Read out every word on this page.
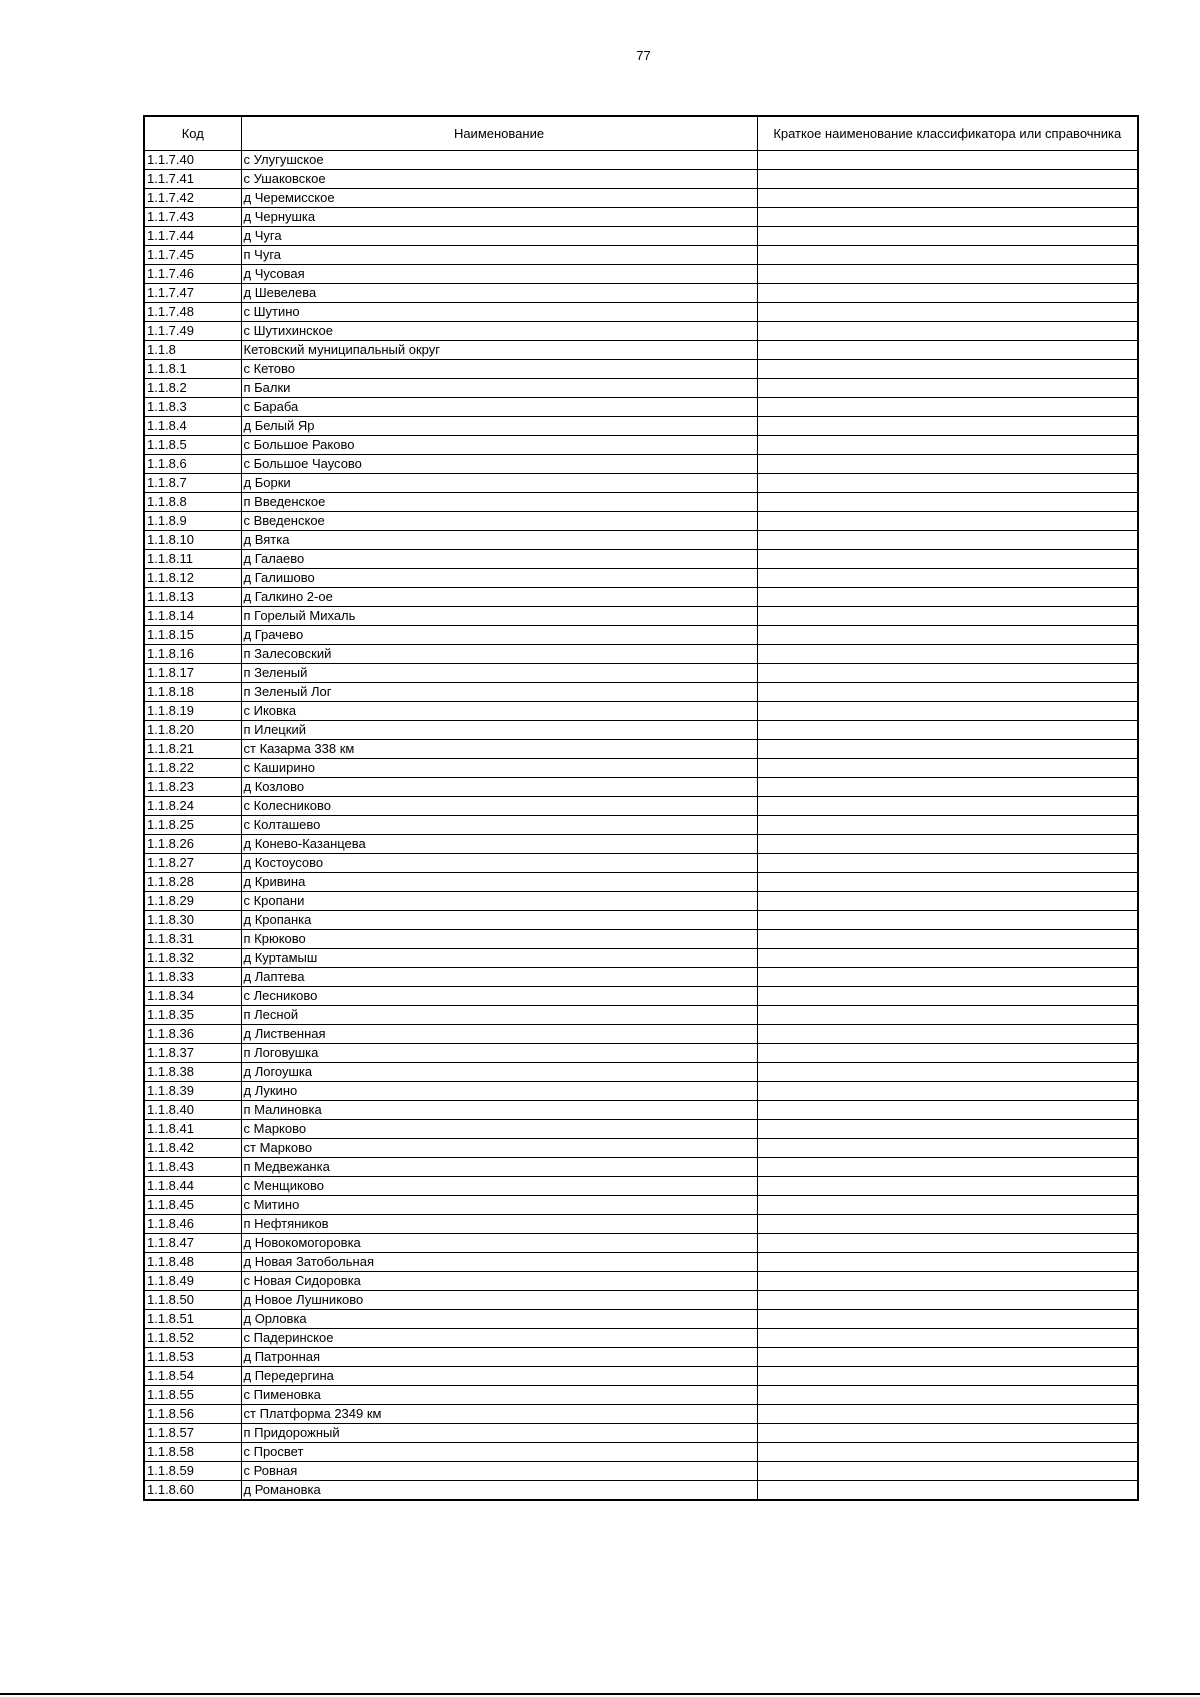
77
Код	Наименование	Краткое наименование классификатора или справочника
1.1.7.40	с Улугушское	
1.1.7.41	с Ушаковское	
1.1.7.42	д Черемисское	
1.1.7.43	д Чернушка	
1.1.7.44	д Чуга	
1.1.7.45	п Чуга	
1.1.7.46	д Чусовая	
1.1.7.47	д Шевелева	
1.1.7.48	с Шутино	
1.1.7.49	с Шутихинское	
1.1.8	Кетовский муниципальный округ	
1.1.8.1	с Кетово	
1.1.8.2	п Балки	
1.1.8.3	с Бараба	
1.1.8.4	д Белый Яр	
1.1.8.5	с Большое Раково	
1.1.8.6	с Большое Чаусово	
1.1.8.7	д Борки	
1.1.8.8	п Введенское	
1.1.8.9	с Введенское	
1.1.8.10	д Вятка	
1.1.8.11	д Галаево	
1.1.8.12	д Галишово	
1.1.8.13	д Галкино 2-ое	
1.1.8.14	п Горелый Михаль	
1.1.8.15	д Грачево	
1.1.8.16	п Залесовский	
1.1.8.17	п Зеленый	
1.1.8.18	п Зеленый Лог	
1.1.8.19	с Иковка	
1.1.8.20	п Илецкий	
1.1.8.21	ст Казарма 338 км	
1.1.8.22	с Каширино	
1.1.8.23	д Козлово	
1.1.8.24	с Колесниково	
1.1.8.25	с Колташево	
1.1.8.26	д Конево-Казанцева	
1.1.8.27	д Костоусово	
1.1.8.28	д Кривина	
1.1.8.29	с Кропани	
1.1.8.30	д Кропанка	
1.1.8.31	п Крюково	
1.1.8.32	д Куртамыш	
1.1.8.33	д Лаптева	
1.1.8.34	с Лесниково	
1.1.8.35	п Лесной	
1.1.8.36	д Лиственная	
1.1.8.37	п Логовушка	
1.1.8.38	д Логоушка	
1.1.8.39	д Лукино	
1.1.8.40	п Малиновка	
1.1.8.41	с Марково	
1.1.8.42	ст Марково	
1.1.8.43	п Медвежанка	
1.1.8.44	с Менщиково	
1.1.8.45	с Митино	
1.1.8.46	п Нефтяников	
1.1.8.47	д Новокомогоровка	
1.1.8.48	д Новая Затобольная	
1.1.8.49	с Новая Сидоровка	
1.1.8.50	д Новое Лушниково	
1.1.8.51	д Орловка	
1.1.8.52	с Падеринское	
1.1.8.53	д Патронная	
1.1.8.54	д Передергина	
1.1.8.55	с Пименовка	
1.1.8.56	ст Платформа 2349 км	
1.1.8.57	п Придорожный	
1.1.8.58	с Просвет	
1.1.8.59	с Ровная	
1.1.8.60	д Романовка	
